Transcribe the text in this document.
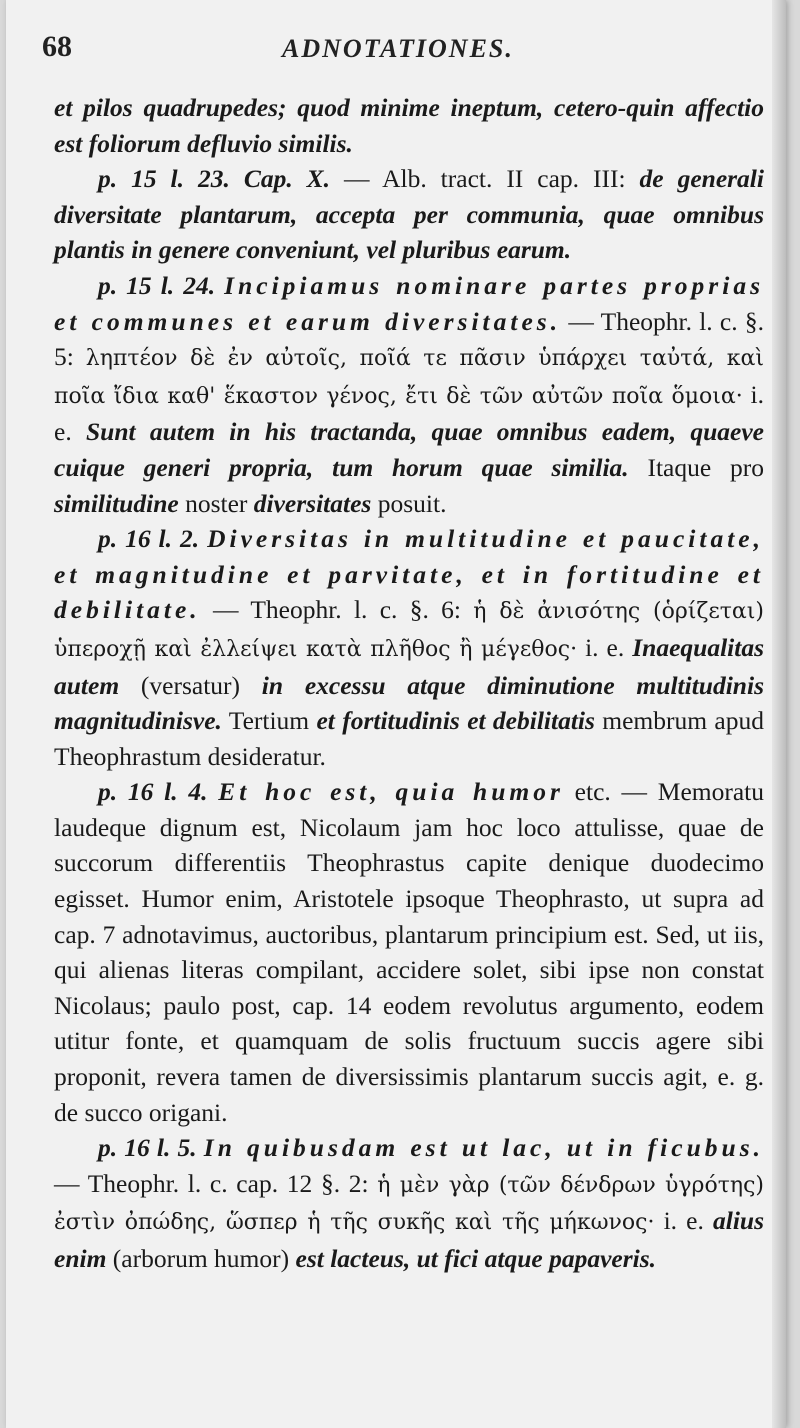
68	ADNOTATIONES.

et pilos quadrupedes; quod minime ineptum, cetero-quin affectio est foliorum defluvio similis.

p. 15 l. 23. Cap. X. — Alb. tract. II cap. III: de generali diversitate plantarum, accepta per communia, quae omnibus plantis in genere conveniunt, vel pluribus earum.

p. 15 l. 24. Incipiamus nominare partes proprias et communes et earum diversitates. — Theophr. l. c. §. 5: ληπτέον δὲ ἐν αὐτοῖς, ποῖά τε πᾶσιν ὑπάρχει ταὐτά, καὶ ποῖα ἴδια καθ' ἕκαστον γένος, ἔτι δὲ τῶν αὐτῶν ποῖα ὅμοια· i. e. Sunt autem in his tractanda, quae omnibus eadem, quaeve cuique generi propria, tum horum quae similia. Itaque pro similitudine noster diversitates posuit.

p. 16 l. 2. Diversitas in multitudine et paucitate, et magnitudine et parvitate, et in fortitudine et debilitate. — Theophr. l. c. §. 6: ἡ δὲ ἀνισότης (ὁρίζεται) ὑπεροχῇ καὶ ἐλλείψει κατὰ πλῆθος ἢ μέγεθος· i. e. Inaequalitas autem (versatur) in excessu atque diminutione multitudinis magnitudinisve. Tertium et fortitudinis et debilitatis membrum apud Theophrastum desideratur.

p. 16 l. 4. Et hoc est, quia humor etc. — Memoratu laudeque dignum est, Nicolaum jam hoc loco attulisse, quae de succorum differentiis Theophrastus capite denique duodecimo egisset. Humor enim, Aristotele ipsoque Theophrasto, ut supra ad cap. 7 adnotavimus, auctoribus, plantarum principium est. Sed, ut iis, qui alienas literas compilant, accidere solet, sibi ipse non constat Nicolaus; paulo post, cap. 14 eodem revolutus argumento, eodem utitur fonte, et quamquam de solis fructuum succis agere sibi proponit, revera tamen de diversissimis plantarum succis agit, e. g. de succo origani.

p. 16 l. 5. In quibusdam est ut lac, ut in ficubus. — Theophr. l. c. cap. 12 §. 2: ἡ μὲν γὰρ (τῶν δένδρων ὑγρότης) ἐστὶν ὀπώδης, ὥσπερ ἡ τῆς συκῆς καὶ τῆς μήκωνος· i. e. alius enim (arborum humor) est lacteus, ut fici atque papaveris.
